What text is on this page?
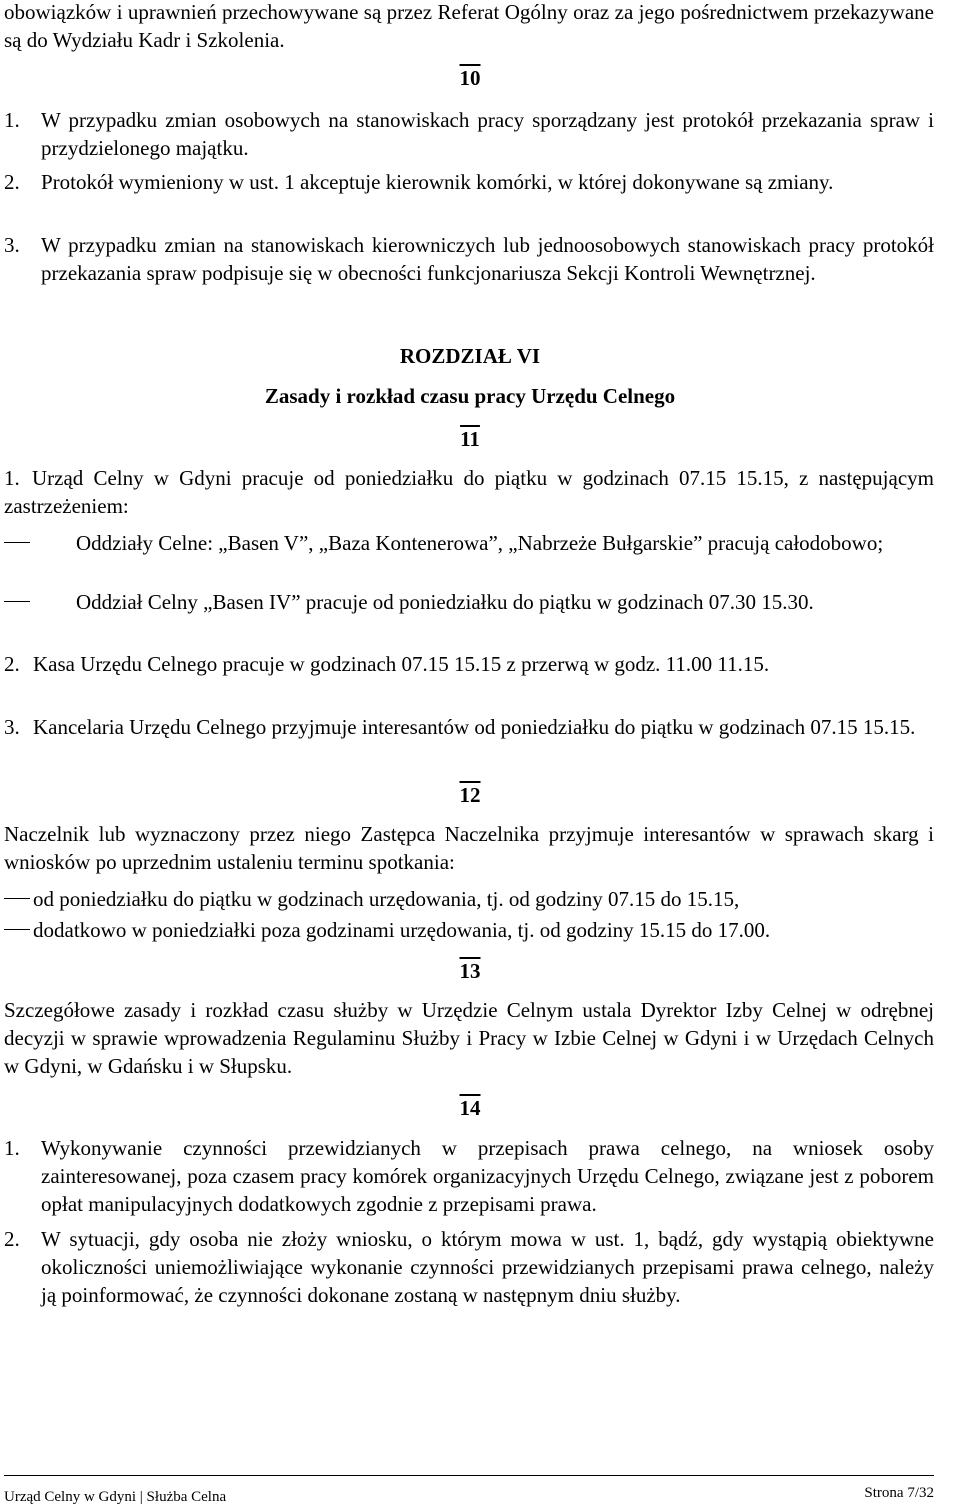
obowiązków i uprawnień przechowywane są przez Referat Ogólny oraz za jego pośrednictwem przekazywane są do Wydziału Kadr i Szkolenia.

10
1.	W przypadku zmian osobowych na stanowiskach pracy sporządzany jest protokół przekazania spraw i przydzielonego majątku.
2.	Protokół wymieniony w ust. 1 akceptuje kierownik komórki, w której dokonywane są zmiany.
3.	W przypadku zmian na stanowiskach kierowniczych lub jednoosobowych stanowiskach pracy protokół przekazania spraw podpisuje się w obecności funkcjonariusza Sekcji Kontroli Wewnętrznej.
ROZDZIAŁ VI
Zasady i rozkład czasu pracy Urzędu Celnego
11
1. Urząd Celny w Gdyni pracuje od poniedziałku do piątku w godzinach 07.15 15.15, z następującym zastrzeżeniem:
Oddziały Celne: „Basen V”, „Baza Kontenerowa”, „Nabrzeże Bułgarskie” pracują całodobowo;
Oddział Celny „Basen IV” pracuje od poniedziałku do piątku w godzinach 07.30 15.30.
2. Kasa Urzędu Celnego pracuje w godzinach 07.15 15.15 z przerwą w godz. 11.00 11.15.
3. Kancelaria Urzędu Celnego przyjmuje interesantów od poniedziałku do piątku w godzinach 07.15 15.15.
12

Naczelnik lub wyznaczony przez niego Zastępca Naczelnika przyjmuje interesantów w sprawach skarg i wniosków po uprzednim ustaleniu terminu spotkania:

od poniedziałku do piątku w godzinach urzędowania, tj. od godziny 07.15 do 15.15,
dodatkowo w poniedziałki poza godzinami urzędowania, tj. od godziny 15.15 do 17.00.
13

Szczegółowe zasady i rozkład czasu służby w Urzędzie Celnym ustala Dyrektor Izby Celnej w odrębnej decyzji w sprawie wprowadzenia Regulaminu Służby i Pracy w Izbie Celnej w Gdyni i w Urzędach Celnych w Gdyni, w Gdańsku i w Słupsku.

14
1.	Wykonywanie czynności przewidzianych w przepisach prawa celnego, na wniosek osoby zainteresowanej, poza czasem pracy komórek organizacyjnych Urzędu Celnego, związane jest z poborem opłat manipulacyjnych dodatkowych zgodnie z przepisami prawa.
2.	W sytuacji, gdy osoba nie złoży wniosku, o którym mowa w ust. 1, bądź, gdy wystąpią obiektywne okoliczności uniemożliwiające wykonanie czynności przewidzianych przepisami prawa celnego, należy ją poinformować, że czynności dokonane zostaną w następnym dniu służby.
Urząd Celny w Gdyni | Służba Celna	Strona 7/32
